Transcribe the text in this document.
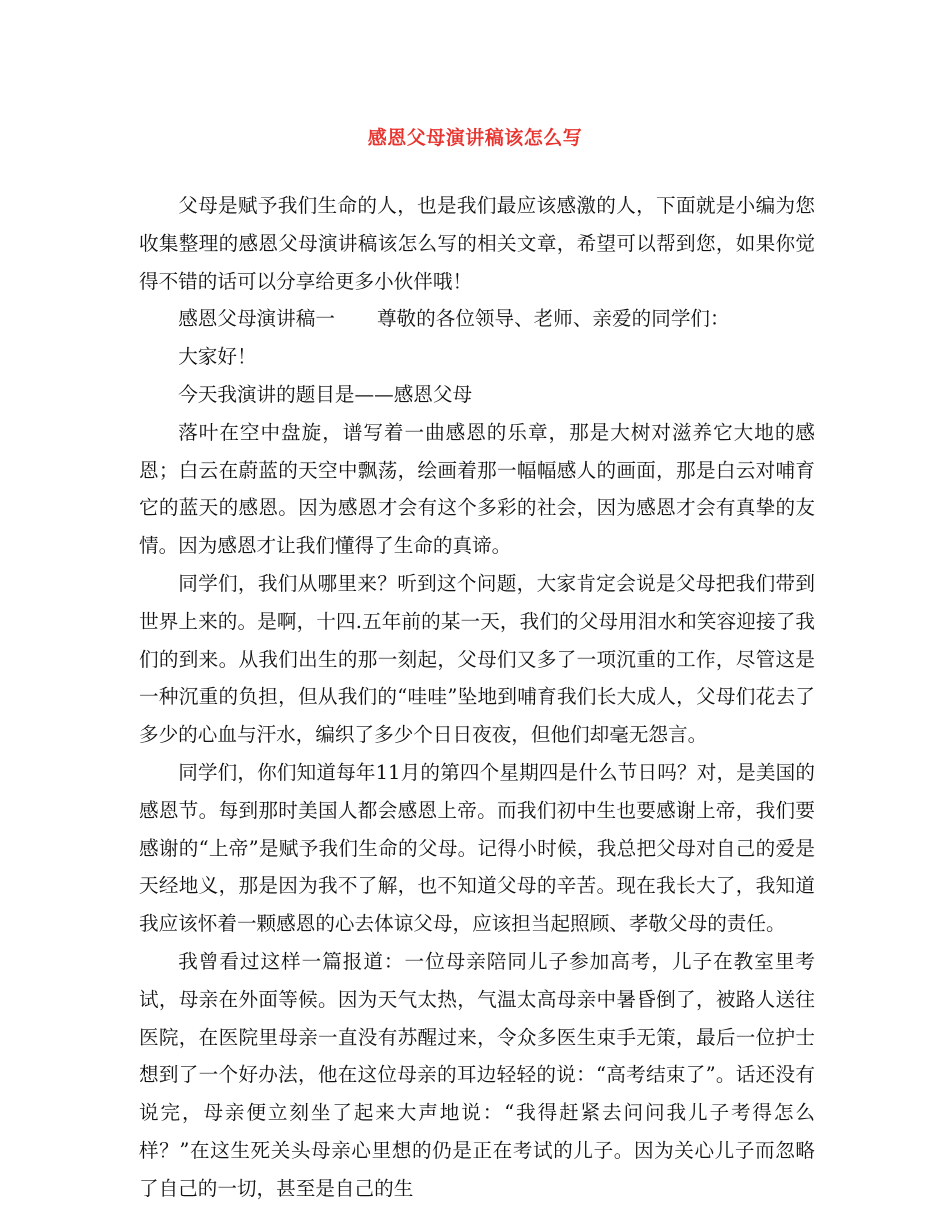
感恩父母演讲稿该怎么写

父母是赋予我们生命的人，也是我们最应该感激的人，下面就是小编为您收集整理的感恩父母演讲稿该怎么写的相关文章，希望可以帮到您，如果你觉得不错的话可以分享给更多小伙伴哦！

感恩父母演讲稿一 尊敬的各位领导、老师、亲爱的同学们：

大家好！

今天我演讲的题目是——感恩父母

落叶在空中盘旋，谱写着一曲感恩的乐章，那是大树对滋养它大地的感恩；白云在蔚蓝的天空中飘荡，绘画着那一幅幅感人的画面，那是白云对哺育它的蓝天的感恩。因为感恩才会有这个多彩的社会，因为感恩才会有真挚的友情。因为感恩才让我们懂得了生命的真谛。

同学们，我们从哪里来？听到这个问题，大家肯定会说是父母把我们带到世界上来的。是啊，十四.五年前的某一天，我们的父母用泪水和笑容迎接了我们的到来。从我们出生的那一刻起，父母们又多了一项沉重的工作，尽管这是一种沉重的负担，但从我们的“哇哇”坠地到哺育我们长大成人，父母们花去了多少的心血与汗水，编织了多少个日日夜夜，但他们却毫无怨言。

同学们，你们知道每年11月的第四个星期四是什么节日吗？对，是美国的感恩节。每到那时美国人都会感恩上帝。而我们初中生也要感谢上帝，我们要感谢的“上帝”是赋予我们生命的父母。记得小时候，我总把父母对自己的爱是天经地义，那是因为我不了解，也不知道父母的辛苦。现在我长大了，我知道我应该怀着一颗感恩的心去体谅父母，应该担当起照顾、孝敬父母的责任。

我曾看过这样一篇报道：一位母亲陪同儿子参加高考，儿子在教室里考试，母亲在外面等候。因为天气太热，气温太高母亲中暑昏倒了，被路人送往医院，在医院里母亲一直没有苏醒过来，令众多医生束手无策，最后一位护士想到了一个好办法，他在这位母亲的耳边轻轻的说：“高考结束了”。话还没有说完，母亲便立刻坐了起来大声地说：“我得赶紧去问问我儿子考得怎么样？”在这生死关头母亲心里想的仍是正在考试的儿子。因为关心儿子而忽略了自己的一切，甚至是自己的生
